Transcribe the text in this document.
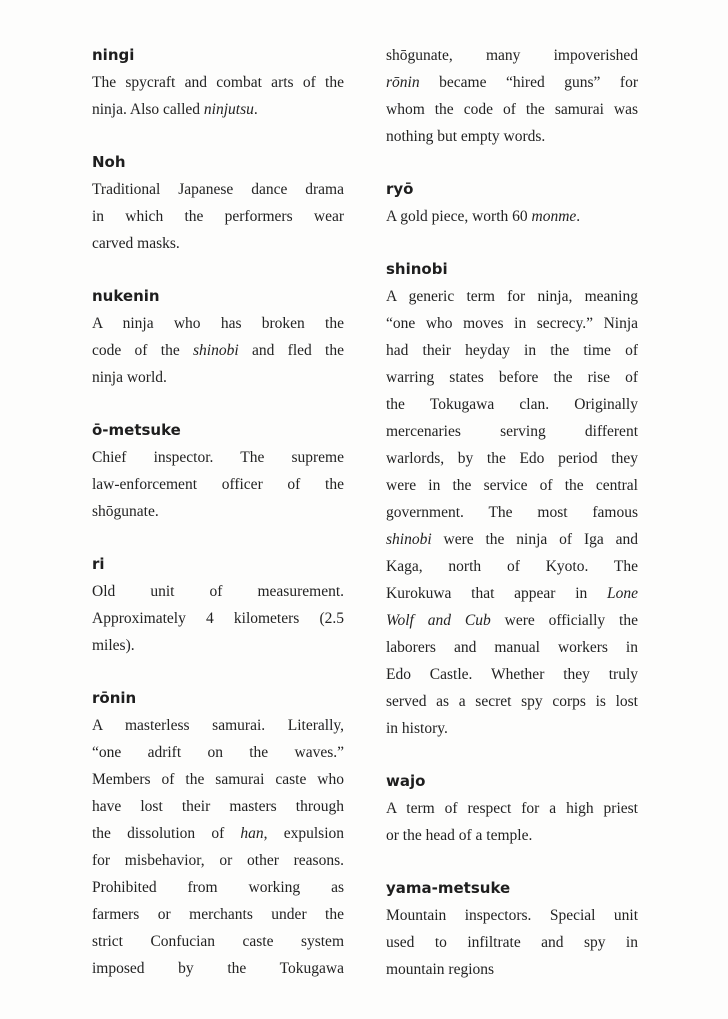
ningi
The spycraft and combat arts of the
ninja. Also called ninjutsu.
Noh
Traditional Japanese dance drama
in which the performers wear
carved masks.
nukenin
A ninja who has broken the
code of the shinobi and fled the
ninja world.
ō-metsuke
Chief inspector. The supreme
law-enforcement officer of the
shōgunate.
ri
Old unit of measurement.
Approximately 4 kilometers (2.5
miles).
rōnin
A masterless samurai. Literally,
“one adrift on the waves.”
Members of the samurai caste who
have lost their masters through
the dissolution of han, expulsion
for misbehavior, or other reasons.
Prohibited from working as
farmers or merchants under the
strict Confucian caste system
imposed by the Tokugawa
shōgunate, many impoverished
rōnin became “hired guns” for
whom the code of the samurai was
nothing but empty words.
ryō
A gold piece, worth 60 monme.
shinobi
A generic term for ninja, meaning
“one who moves in secrecy.” Ninja
had their heyday in the time of
warring states before the rise of
the Tokugawa clan. Originally
mercenaries serving different
warlords, by the Edo period they
were in the service of the central
government. The most famous
shinobi were the ninja of Iga and
Kaga, north of Kyoto. The
Kurokuwa that appear in Lone
Wolf and Cub were officially the
laborers and manual workers in
Edo Castle. Whether they truly
served as a secret spy corps is lost
in history.
wajo
A term of respect for a high priest
or the head of a temple.
yama-metsuke
Mountain inspectors. Special unit
used to infiltrate and spy in
mountain regions
